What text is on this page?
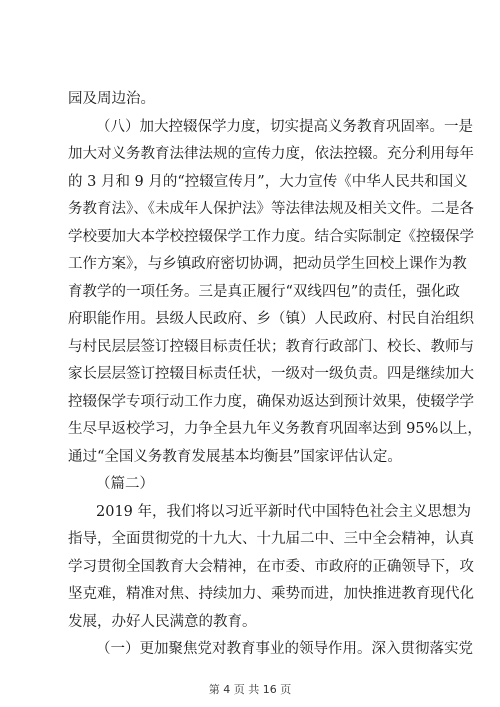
园及周边治。
（八）加大控辍保学力度，切实提高义务教育巩固率。一是
加大对义务教育法律法规的宣传力度，依法控辍。充分利用每年
的 3 月和 9 月的“控辍宣传月”，大力宣传《中华人民共和国义
务教育法》、《未成年人保护法》等法律法规及相关文件。二是各
学校要加大本学校控辍保学工作力度。结合实际制定《控辍保学
工作方案》，与乡镇政府密切协调，把动员学生回校上课作为教
育教学的一项任务。三是真正履行“双线四包”的责任，强化政
府职能作用。县级人民政府、乡（镇）人民政府、村民自治组织
与村民层层签订控辍目标责任状；教育行政部门、校长、教师与
家长层层签订控辍目标责任状，一级对一级负责。四是继续加大
控辍保学专项行动工作力度，确保劝返达到预计效果，使辍学学
生尽早返校学习，力争全县九年义务教育巩固率达到 95%以上，
通过“全国义务教育发展基本均衡县”国家评估认定。
（篇二）
2019 年，我们将以习近平新时代中国特色社会主义思想为
指导，全面贯彻党的十九大、十九届二中、三中全会精神，认真
学习贯彻全国教育大会精神，在市委、市政府的正确领导下，攻
坚克难，精准对焦、持续加力、乘势而进，加快推进教育现代化
发展，办好人民满意的教育。
（一）更加聚焦党对教育事业的领导作用。深入贯彻落实党
第 4 页 共 16 页
